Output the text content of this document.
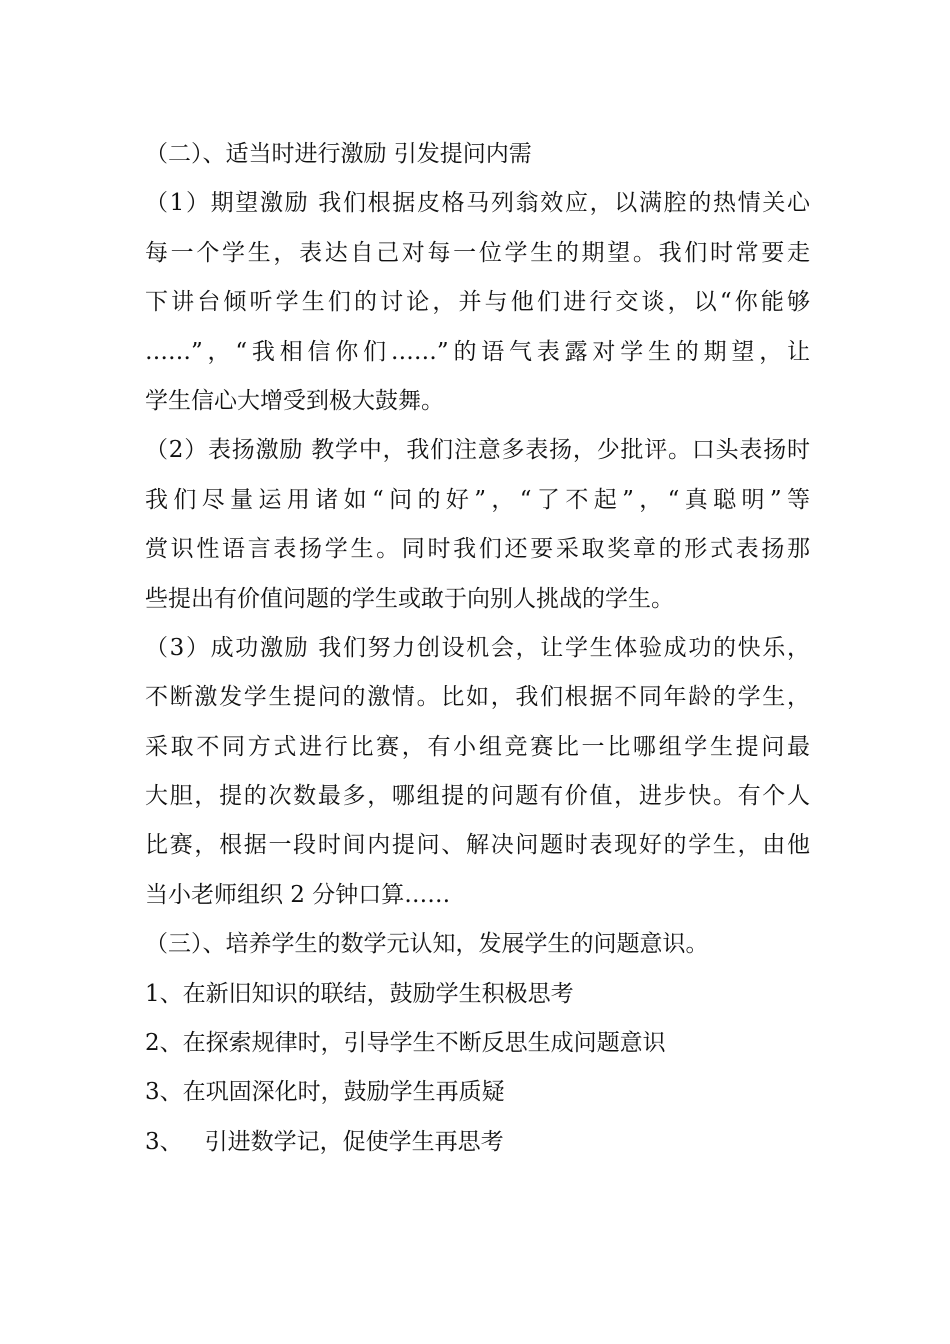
（二）、适当时进行激励 引发提问内需
（1）期望激励 我们根据皮格马列翁效应，以满腔的热情关心
每一个学生，表达自己对每一位学生的期望。我们时常要走
下讲台倾听学生们的讨论，并与他们进行交谈，以“你能够
……”，“我相信你们……”的语气表露对学生的期望，让
学生信心大增受到极大鼓舞。
（2）表扬激励 教学中，我们注意多表扬，少批评。口头表扬时
我们尽量运用诸如“问的好”，“了不起”，“真聪明”等
赏识性语言表扬学生。同时我们还要采取奖章的形式表扬那
些提出有价值问题的学生或敢于向别人挑战的学生。
（3）成功激励 我们努力创设机会，让学生体验成功的快乐，
不断激发学生提问的激情。比如，我们根据不同年龄的学生，
采取不同方式进行比赛，有小组竞赛比一比哪组学生提问最
大胆，提的次数最多，哪组提的问题有价值，进步快。有个人
比赛，根据一段时间内提问、解决问题时表现好的学生，由他
当小老师组织 2 分钟口算……
（三）、培养学生的数学元认知，发展学生的问题意识。
1、在新旧知识的联结，鼓励学生积极思考
2、在探索规律时，引导学生不断反思生成问题意识
3、在巩固深化时，鼓励学生再质疑
3、   引进数学记，促使学生再思考
